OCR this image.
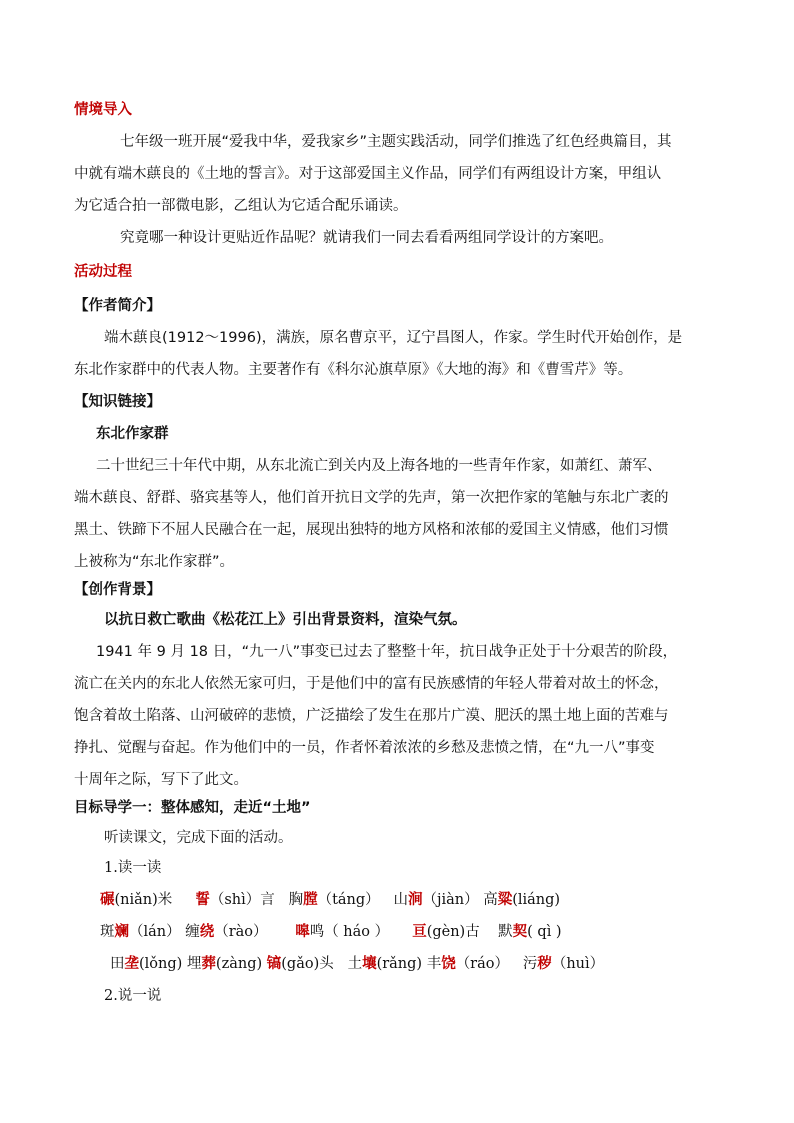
情境导入
七年级一班开展“爱我中华，爱我家乡”主题实践活动，同学们推选了红色经典篇目，其
中就有端木蕻良的《土地的誓言》。对于这部爱国主义作品，同学们有两组设计方案，甲组认
为它适合拍一部微电影，乙组认为它适合配乐诵读。
究竟哪一种设计更贴近作品呢？就请我们一同去看看两组同学设计的方案吧。
活动过程
【作者简介】
端木蕻良(1912～1996)，满族，原名曹京平，辽宁昌图人，作家。学生时代开始创作，是
东北作家群中的代表人物。主要著作有《科尔沁旗草原》《大地的海》和《曹雪芹》等。
【知识链接】
东北作家群
二十世纪三十年代中期，从东北流亡到关内及上海各地的一些青年作家，如萧红、萧军、
端木蕻良、舒群、骆宾基等人，他们首开抗日文学的先声，第一次把作家的笔触与东北广袤的
黑土、铁蹄下不屈人民融合在一起，展现出独特的地方风格和浓郁的爱国主义情感，他们习惯
上被称为“东北作家群”。
【创作背景】
以抗日救亡歌曲《松花江上》引出背景资料，渲染气氛。
1941 年 9 月 18 日，“九一八”事变已过去了整整十年，抗日战争正处于十分艰苦的阶段，
流亡在关内的东北人依然无家可归，于是他们中的富有民族感情的年轻人带着对故土的怀念，
饱含着故土陷落、山河破碎的悲愤，广泛描绘了发生在那片广漠、肥沃的黑土地上面的苦难与
挣扎、觉醒与奋起。作为他们中的一员，作者怀着浓浓的乡愁及悲愤之情，在“九一八”事变
十周年之际，写下了此文。
目标导学一：整体感知，走近“土地”
听读课文，完成下面的活动。
1.读一读
碾(niǎn)米 誓（shì）言 胸膛（táng） 山涧（jiàn） 高粱(liáng)
斑斓（lán） 缠绕（rào） 嗥鸣（ háo ） 亘(gèn)古 默契( qì )
田垄(lǒng) 埋葬(zàng) 镐(gǎo)头 土壤(rǎng) 丰饶（ráo） 污秽（huì）
2.说一说
